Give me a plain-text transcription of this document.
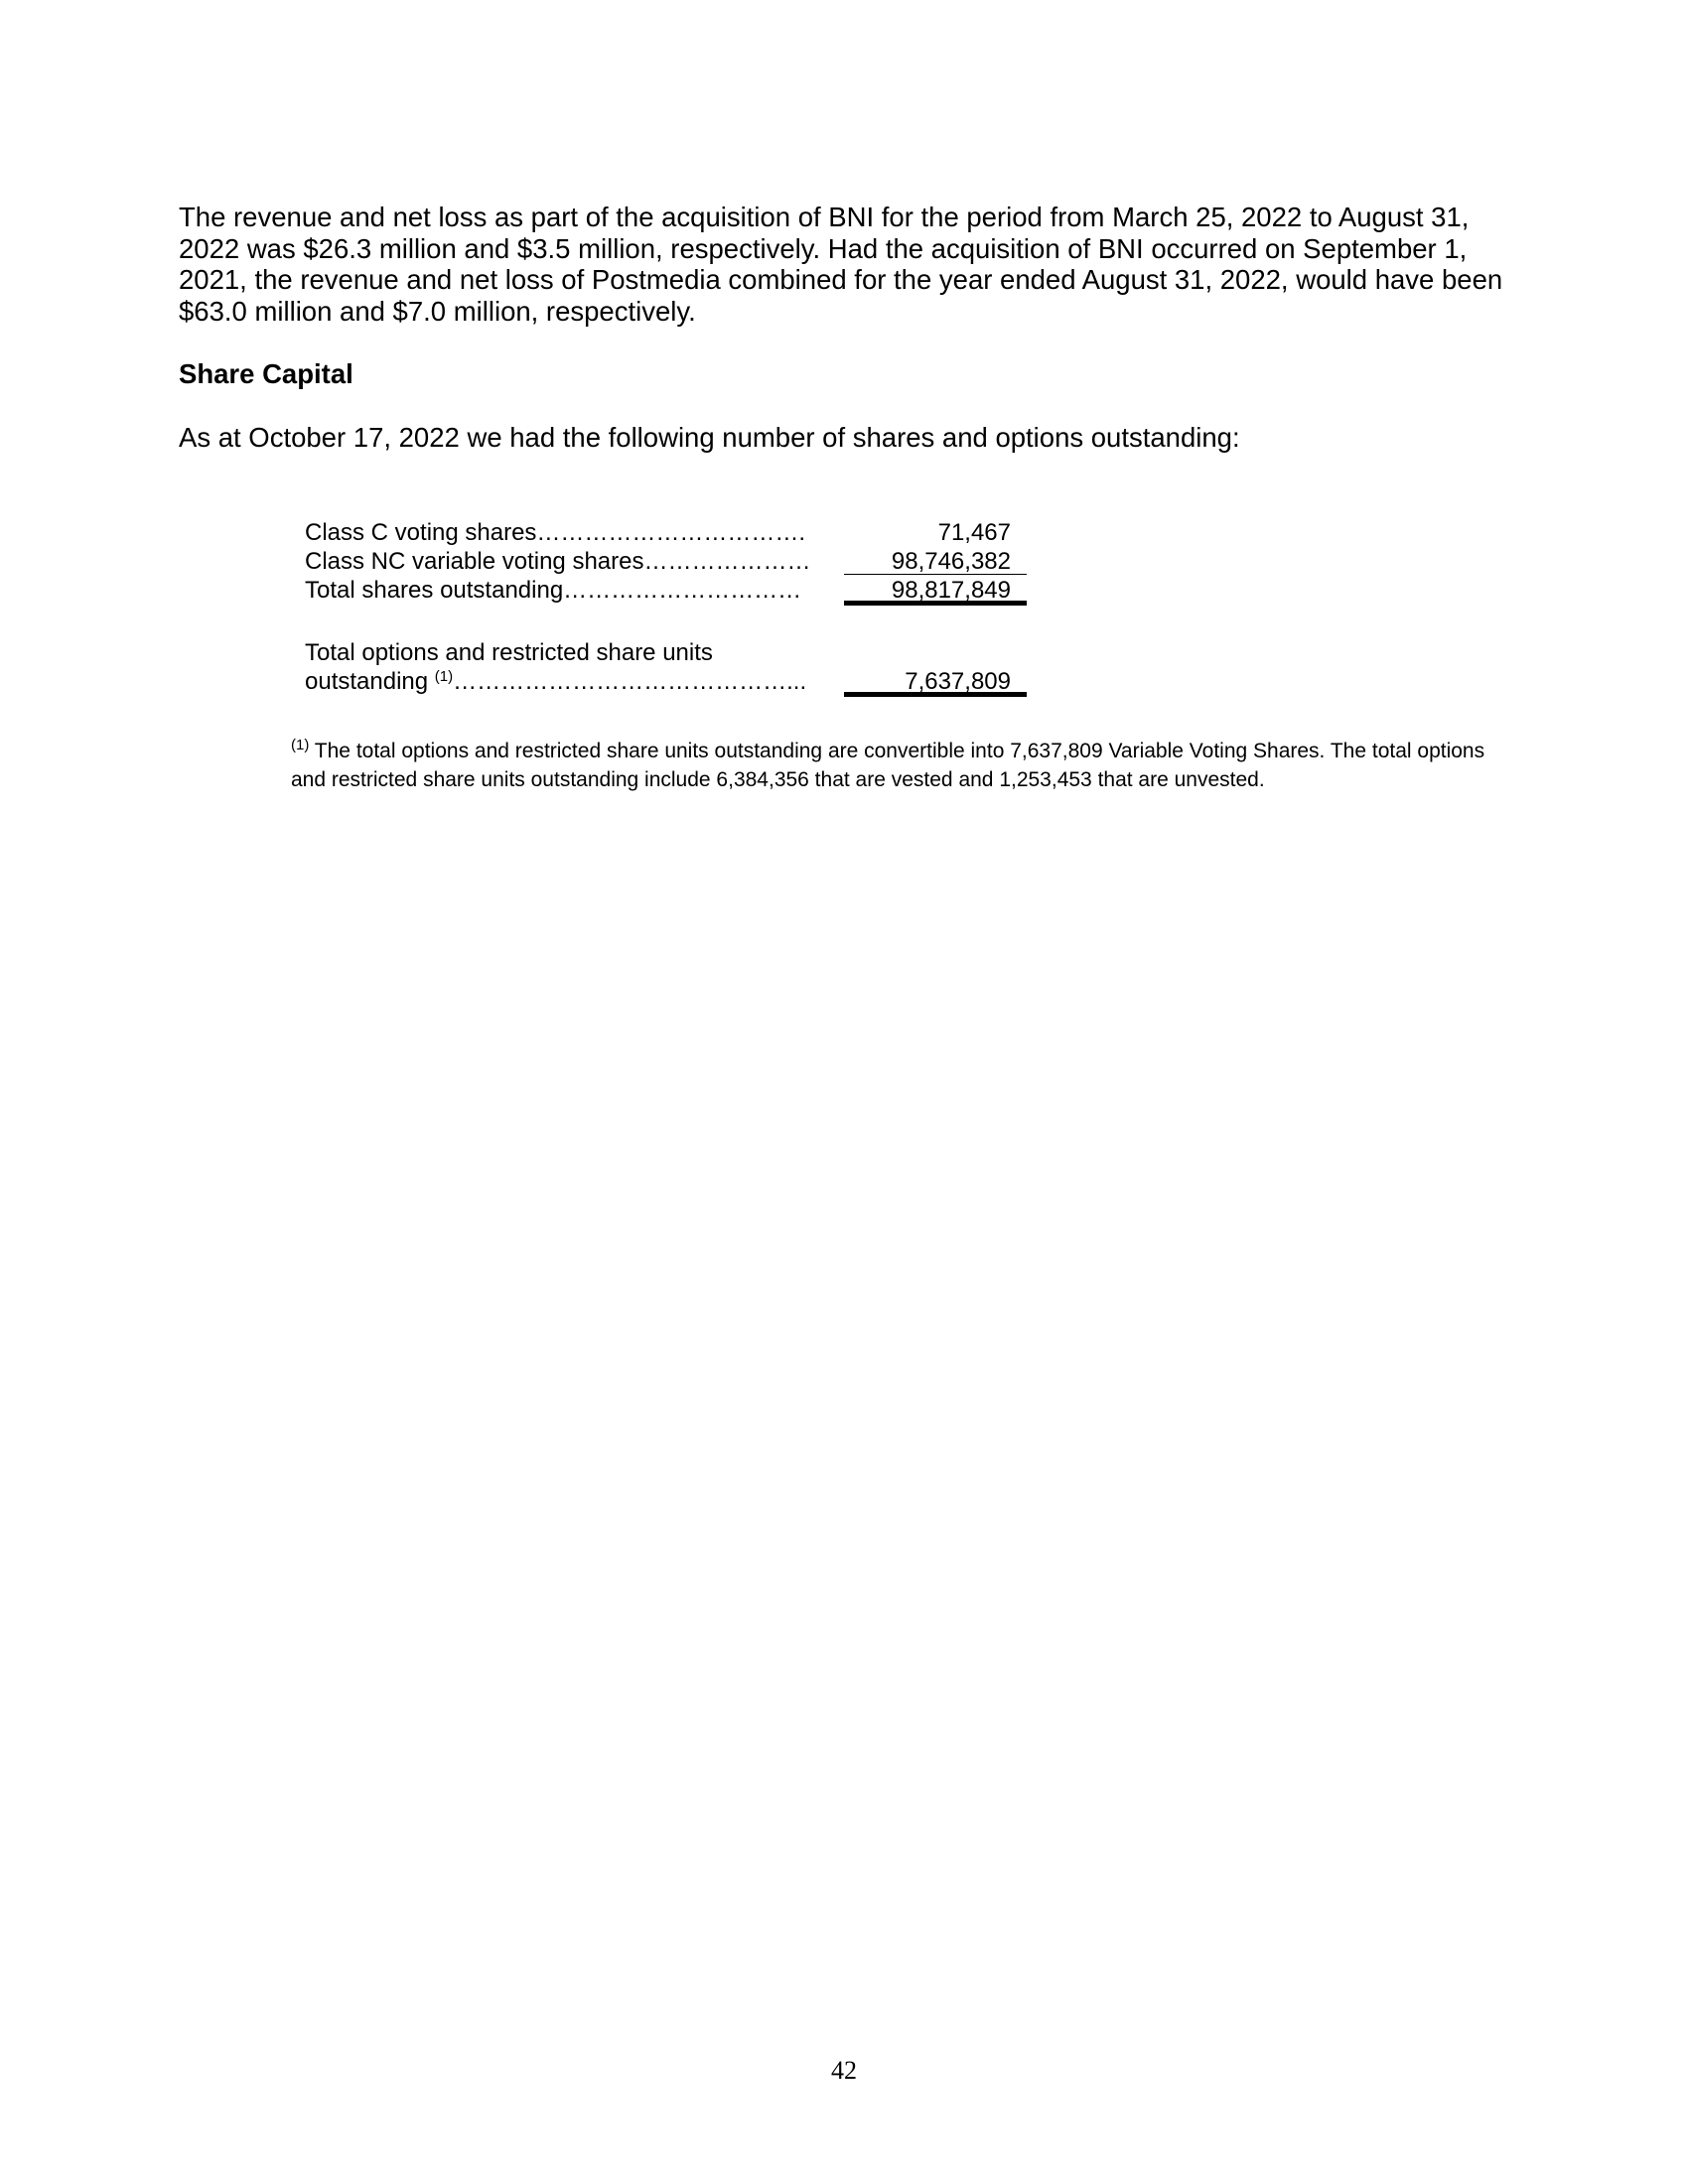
The revenue and net loss as part of the acquisition of BNI for the period from March 25, 2022 to August 31, 2022 was $26.3 million and $3.5 million, respectively. Had the acquisition of BNI occurred on September 1, 2021, the revenue and net loss of Postmedia combined for the year ended August 31, 2022, would have been $63.0 million and $7.0 million, respectively.

Share Capital

As at October 17, 2022 we had the following number of shares and options outstanding:

Class C voting shares…………………………….	71,467
Class NC variable voting shares…………………	98,746,382
Total shares outstanding…………………………	98,817,849
Total options and restricted share units
outstanding $^{(1)}$……………………………………...	7,637,809

$^{(1)}$ The total options and restricted share units outstanding are convertible into 7,637,809 Variable Voting Shares. The total options and restricted share units outstanding include 6,384,356 that are vested and 1,253,453 that are unvested.

42
